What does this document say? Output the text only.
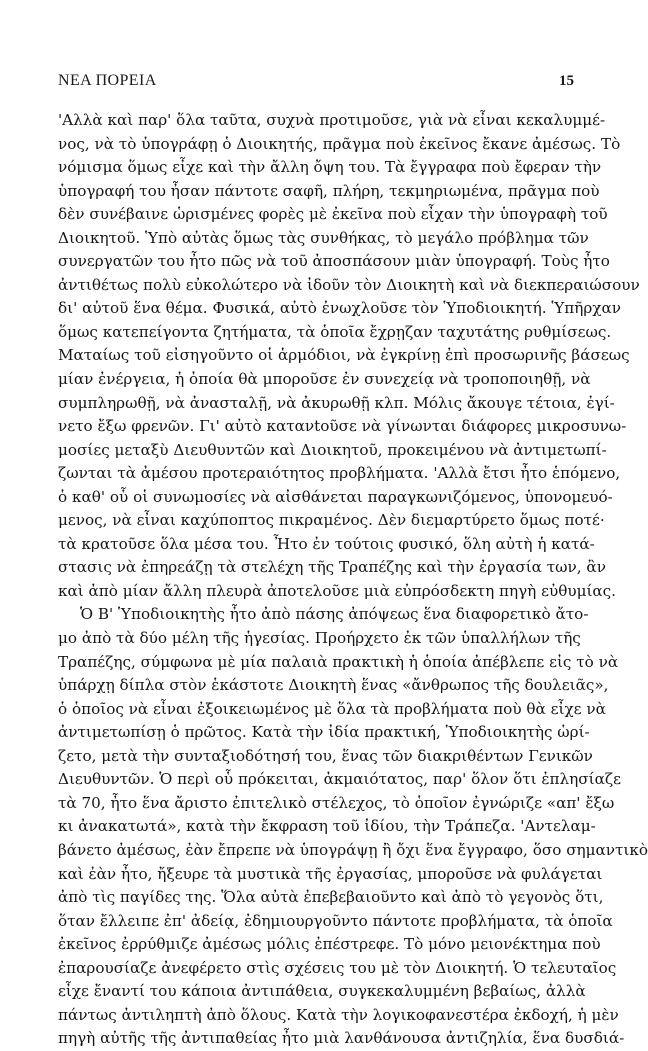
ΝΕΑ ΠΟΡΕΙΑ	15
'Αλλὰ καὶ παρ' ὅλα ταῦτα, συχνὰ προτιμοῦσε, γιὰ νὰ εἶναι κεκαλυμμέ-
νος, νὰ τὸ ὑπογράφῃ ὁ Διοικητής, πρᾶγμα ποὺ ἐκεῖνος ἔκανε ἀμέσως. Τὸ
νόμισμα ὅμως εἶχε καὶ τὴν ἄλλη ὄψη του. Τὰ ἔγγραφα ποὺ ἔφεραν τὴν
ὑπογραφή του ἦσαν πάντοτε σαφῆ, πλήρη, τεκμηριωμένα, πρᾶγμα ποὺ
δὲν συνέβαινε ὡρισμένες φορὲς μὲ ἐκεῖνα ποὺ εἶχαν τὴν ὑπογραφὴ τοῦ
Διοικητοῦ. Ὑπὸ αὐτὰς ὅμως τὰς συνθήκας, τὸ μεγάλο πρόβλημα τῶν
συνεργατῶν του ἦτο πῶς νὰ τοῦ ἀποσπάσουν μιὰν ὑπογραφή. Τοὺς ἦτο
ἀντιθέτως πολὺ εὐκολώτερο νὰ ἰδοῦν τὸν Διοικητὴ καὶ νὰ διεκπεραιώσουν
δι' αὐτοῦ ἕνα θέμα. Φυσικά, αὐτὸ ἐνωχλοῦσε τὸν Ὑποδιοικητή. Ὑπῆρχαν
ὅμως κατεπείγοντα ζητήματα, τὰ ὁποῖα ἔχρῃζαν ταχυτάτης ρυθμίσεως.
Ματαίως τοῦ εἰσηγοῦντο οἱ ἁρμόδιοι, νὰ ἐγκρίνῃ ἐπὶ προσωρινῆς βάσεως
μίαν ἐνέργεια, ἡ ὁποία θὰ μποροῦσε ἐν συνεχείᾳ νὰ τροποποιηθῇ, νὰ
συμπληρωθῇ, νὰ ἀνασταλῇ, νὰ ἀκυρωθῇ κλπ. Μόλις ἄκουγε τέτοια, ἐγί-
νετο ἔξω φρενῶν. Γι' αὐτὸ κατανtοῦσε νὰ γίνωνται διάφορες μικροσυνω-
μοσίες μεταξὺ Διευθυντῶν καὶ Διοικητοῦ, προκειμένου νὰ ἀντιμετωπί-
ζωνται τὰ ἀμέσου προτεραιότητος προβλήματα. 'Αλλὰ ἔτσι ἦτο ἑπόμενο,
ὁ καθ' οὗ οἱ συνωμοσίες νὰ αἰσθάνεται παραγκωνιζόμενος, ὑπονομευό-
μενος, νὰ εἶναι καχύποπτος πικραμένος. Δὲν διεμαρτύρετο ὅμως ποτέ·
τὰ κρατοῦσε ὅλα μέσα του. Ἦτο ἐν τούτοις φυσικό, ὅλη αὐτὴ ἡ κατά-
στασις νὰ ἐπηρεάζῃ τὰ στελέχη τῆς Τραπέζης καὶ τὴν ἐργασία των, ἂν
καὶ ἀπὸ μίαν ἄλλη πλευρὰ ἀποτελοῦσε μιὰ εὐπρόσδεκτη πηγὴ εὐθυμίας.
Ὁ Β' Ὑποδιοικητὴς ἦτο ἀπὸ πάσης ἀπόψεως ἕνα διαφορετικὸ ἄτο-
μο ἀπὸ τὰ δύο μέλη τῆς ἡγεσίας. Προήρχετο ἐκ τῶν ὑπαλλήλων τῆς
Τραπέζης, σύμφωνα μὲ μία παλαιὰ πρακτικὴ ἡ ὁποία ἀπέβλεπε εἰς τὸ νὰ
ὑπάρχῃ δίπλα στὸν ἑκάστοτε Διοικητὴ ἕνας «ἄνθρωπος τῆς δουλειᾶς»,
ὁ ὁποῖος νὰ εἶναι ἐξοικειωμένος μὲ ὅλα τὰ προβλήματα ποὺ θὰ εἶχε νὰ
ἀντιμετωπίσῃ ὁ πρῶτος. Κατὰ τὴν ἰδία πρακτική, Ὑποδιοικητὴς ὡρί-
ζετο, μετὰ τὴν συνταξιοδότησή του, ἕνας τῶν διακριθέντων Γενικῶν
Διευθυντῶν. Ὁ περὶ οὗ πρόκειται, ἀκμαιότατος, παρ' ὅλον ὅτι ἐπλησίαζε
τὰ 70, ἦτο ἕνα ἄριστο ἐπιτελικὸ στέλεχος, τὸ ὁποῖον ἐγνώριζε «απ' ἔξω
κι ἀνακατωτά», κατὰ τὴν ἔκφραση τοῦ ἰδίου, τὴν Τράπεζα. 'Αντελαμ-
βάνετο ἀμέσως, ἐὰν ἔπρεπε νὰ ὑπογράψῃ ἢ ὄχι ἕνα ἔγγραφο, ὅσο σημαντικὸ
καὶ ἐὰν ἦτο, ἤξευρε τὰ μυστικὰ τῆς ἐργασίας, μποροῦσε νὰ φυλάγεται
ἀπὸ τὶς παγίδες της. Ὅλα αὐτὰ ἐπεβεβαιοῦντο καὶ ἀπὸ τὸ γεγονὸς ὅτι,
ὅταν ἔλλειπε ἐπ' ἀδείᾳ, ἐδημιουργοῦντο πάντοτε προβλήματα, τὰ ὁποῖα
ἐκεῖνος ἐρρύθμιζε ἀμέσως μόλις ἐπέστρεφε. Τὸ μόνο μειονέκτημα ποὺ
ἐπαρουσίαζε ἀνεφέρετο στὶς σχέσεις του μὲ τὸν Διοικητή. Ὁ τελευταῖος
εἶχε ἔναντί του κάποια ἀντιπάθεια, συγκεκαλυμμένη βεβαίως, ἀλλὰ
πάντως ἀντιληπτὴ ἀπὸ ὅλους. Κατὰ τὴν λογικοφανεστέρα ἐκδοχή, ἡ μὲν
πηγὴ αὐτῆς τῆς ἀντιπαθείας ἦτο μιὰ λανθάνουσα ἀντιζηλία, ἕνα δυσδιά-
